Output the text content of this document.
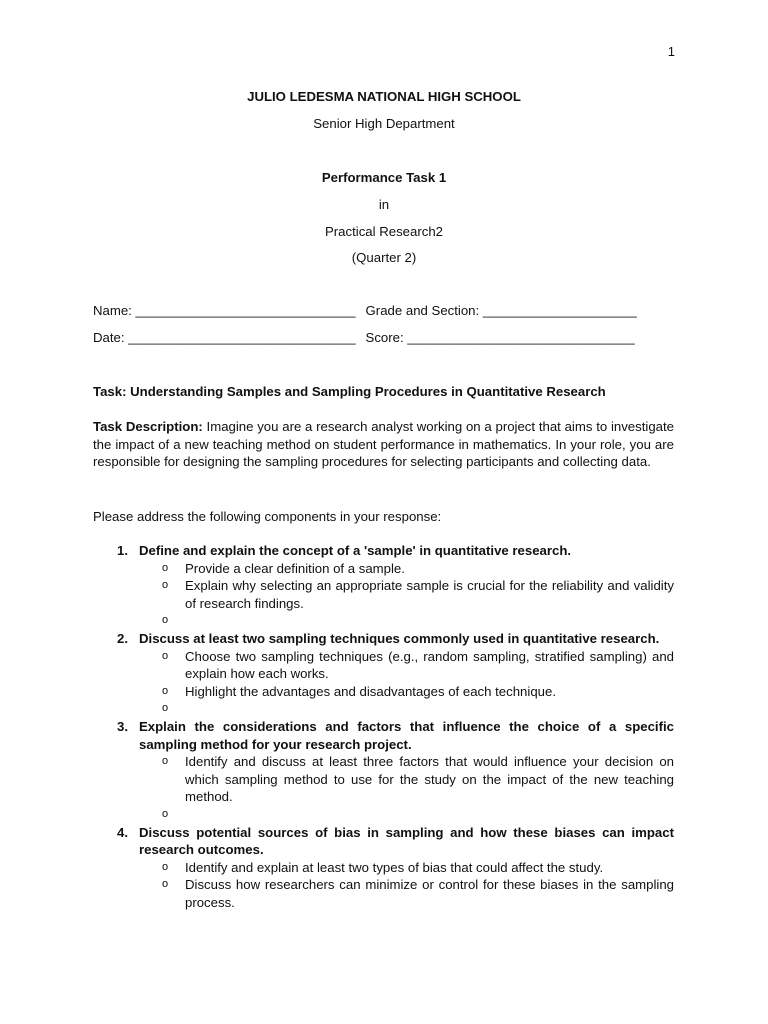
1
JULIO LEDESMA NATIONAL HIGH SCHOOL
Senior High Department
Performance Task 1
in
Practical Research2
(Quarter 2)
Name: ______________________________ Grade and Section: _____________________
Date: _______________________________ Score: _______________________________
Task: Understanding Samples and Sampling Procedures in Quantitative Research
Task Description: Imagine you are a research analyst working on a project that aims to investigate the impact of a new teaching method on student performance in mathematics. In your role, you are responsible for designing the sampling procedures for selecting participants and collecting data.
Please address the following components in your response:
1. Define and explain the concept of a 'sample' in quantitative research.
o Provide a clear definition of a sample.
o Explain why selecting an appropriate sample is crucial for the reliability and validity of research findings.
o
2. Discuss at least two sampling techniques commonly used in quantitative research.
o Choose two sampling techniques (e.g., random sampling, stratified sampling) and explain how each works.
o Highlight the advantages and disadvantages of each technique.
o
3. Explain the considerations and factors that influence the choice of a specific sampling method for your research project.
o Identify and discuss at least three factors that would influence your decision on which sampling method to use for the study on the impact of the new teaching method.
o
4. Discuss potential sources of bias in sampling and how these biases can impact research outcomes.
o Identify and explain at least two types of bias that could affect the study.
o Discuss how researchers can minimize or control for these biases in the sampling process.
